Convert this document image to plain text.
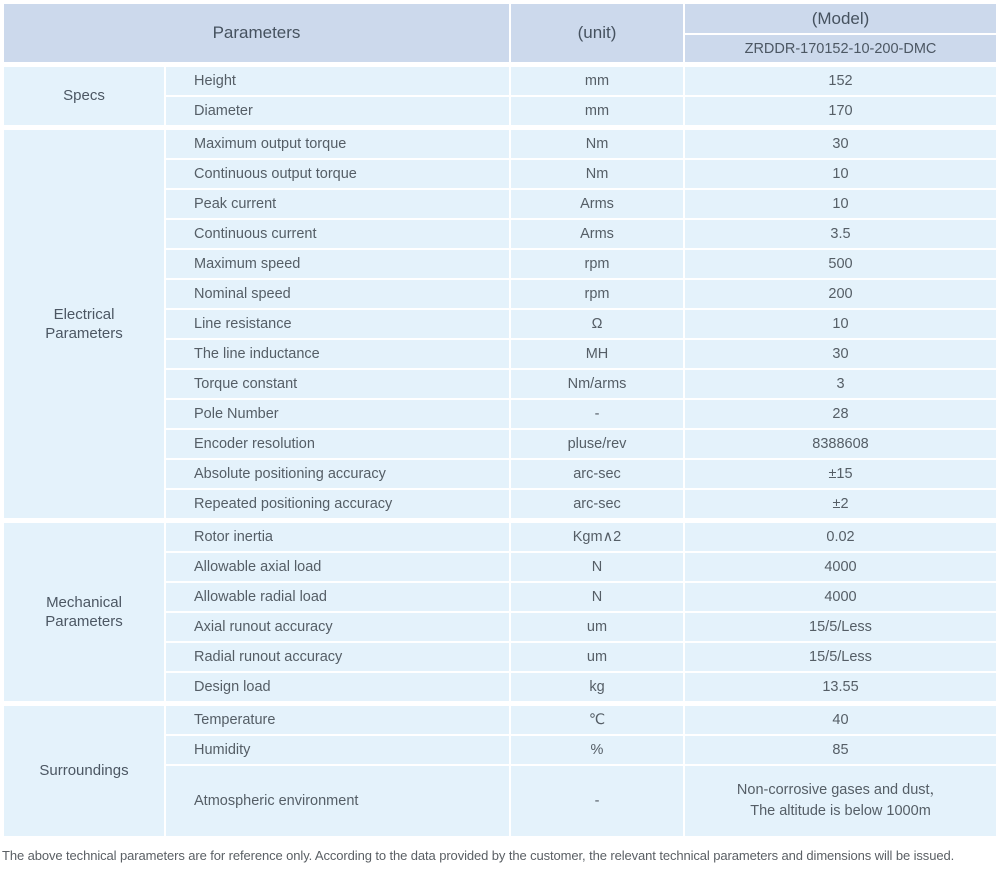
Parameters		(unit)	(Model)
			ZRDDR-170152-10-200-DMC
Specs	Height	mm	152
	Diameter	mm	170
Electrical Parameters	Maximum output torque	Nm	30
	Continuous output torque	Nm	10
	Peak current	Arms	10
	Continuous current	Arms	3.5
	Maximum speed	rpm	500
	Nominal speed	rpm	200
	Line resistance	Ω	10
	The line inductance	MH	30
	Torque constant	Nm/arms	3
	Pole Number	-	28
	Encoder resolution	pluse/rev	8388608
	Absolute positioning accuracy	arc-sec	±15
	Repeated positioning accuracy	arc-sec	±2
Mechanical Parameters	Rotor inertia	Kgm∧2	0.02
	Allowable axial load	N	4000
	Allowable radial load	N	4000
	Axial runout accuracy	um	15/5/Less
	Radial runout accuracy	um	15/5/Less
	Design load	kg	13.55
Surroundings	Temperature	℃	40
	Humidity	%	85
	Atmospheric environment	-	Non-corrosive gases and dust，
The altitude is below 1000m

The above technical parameters are for reference only. According to the data provided by the customer, the relevant technical parameters and dimensions will be issued.
